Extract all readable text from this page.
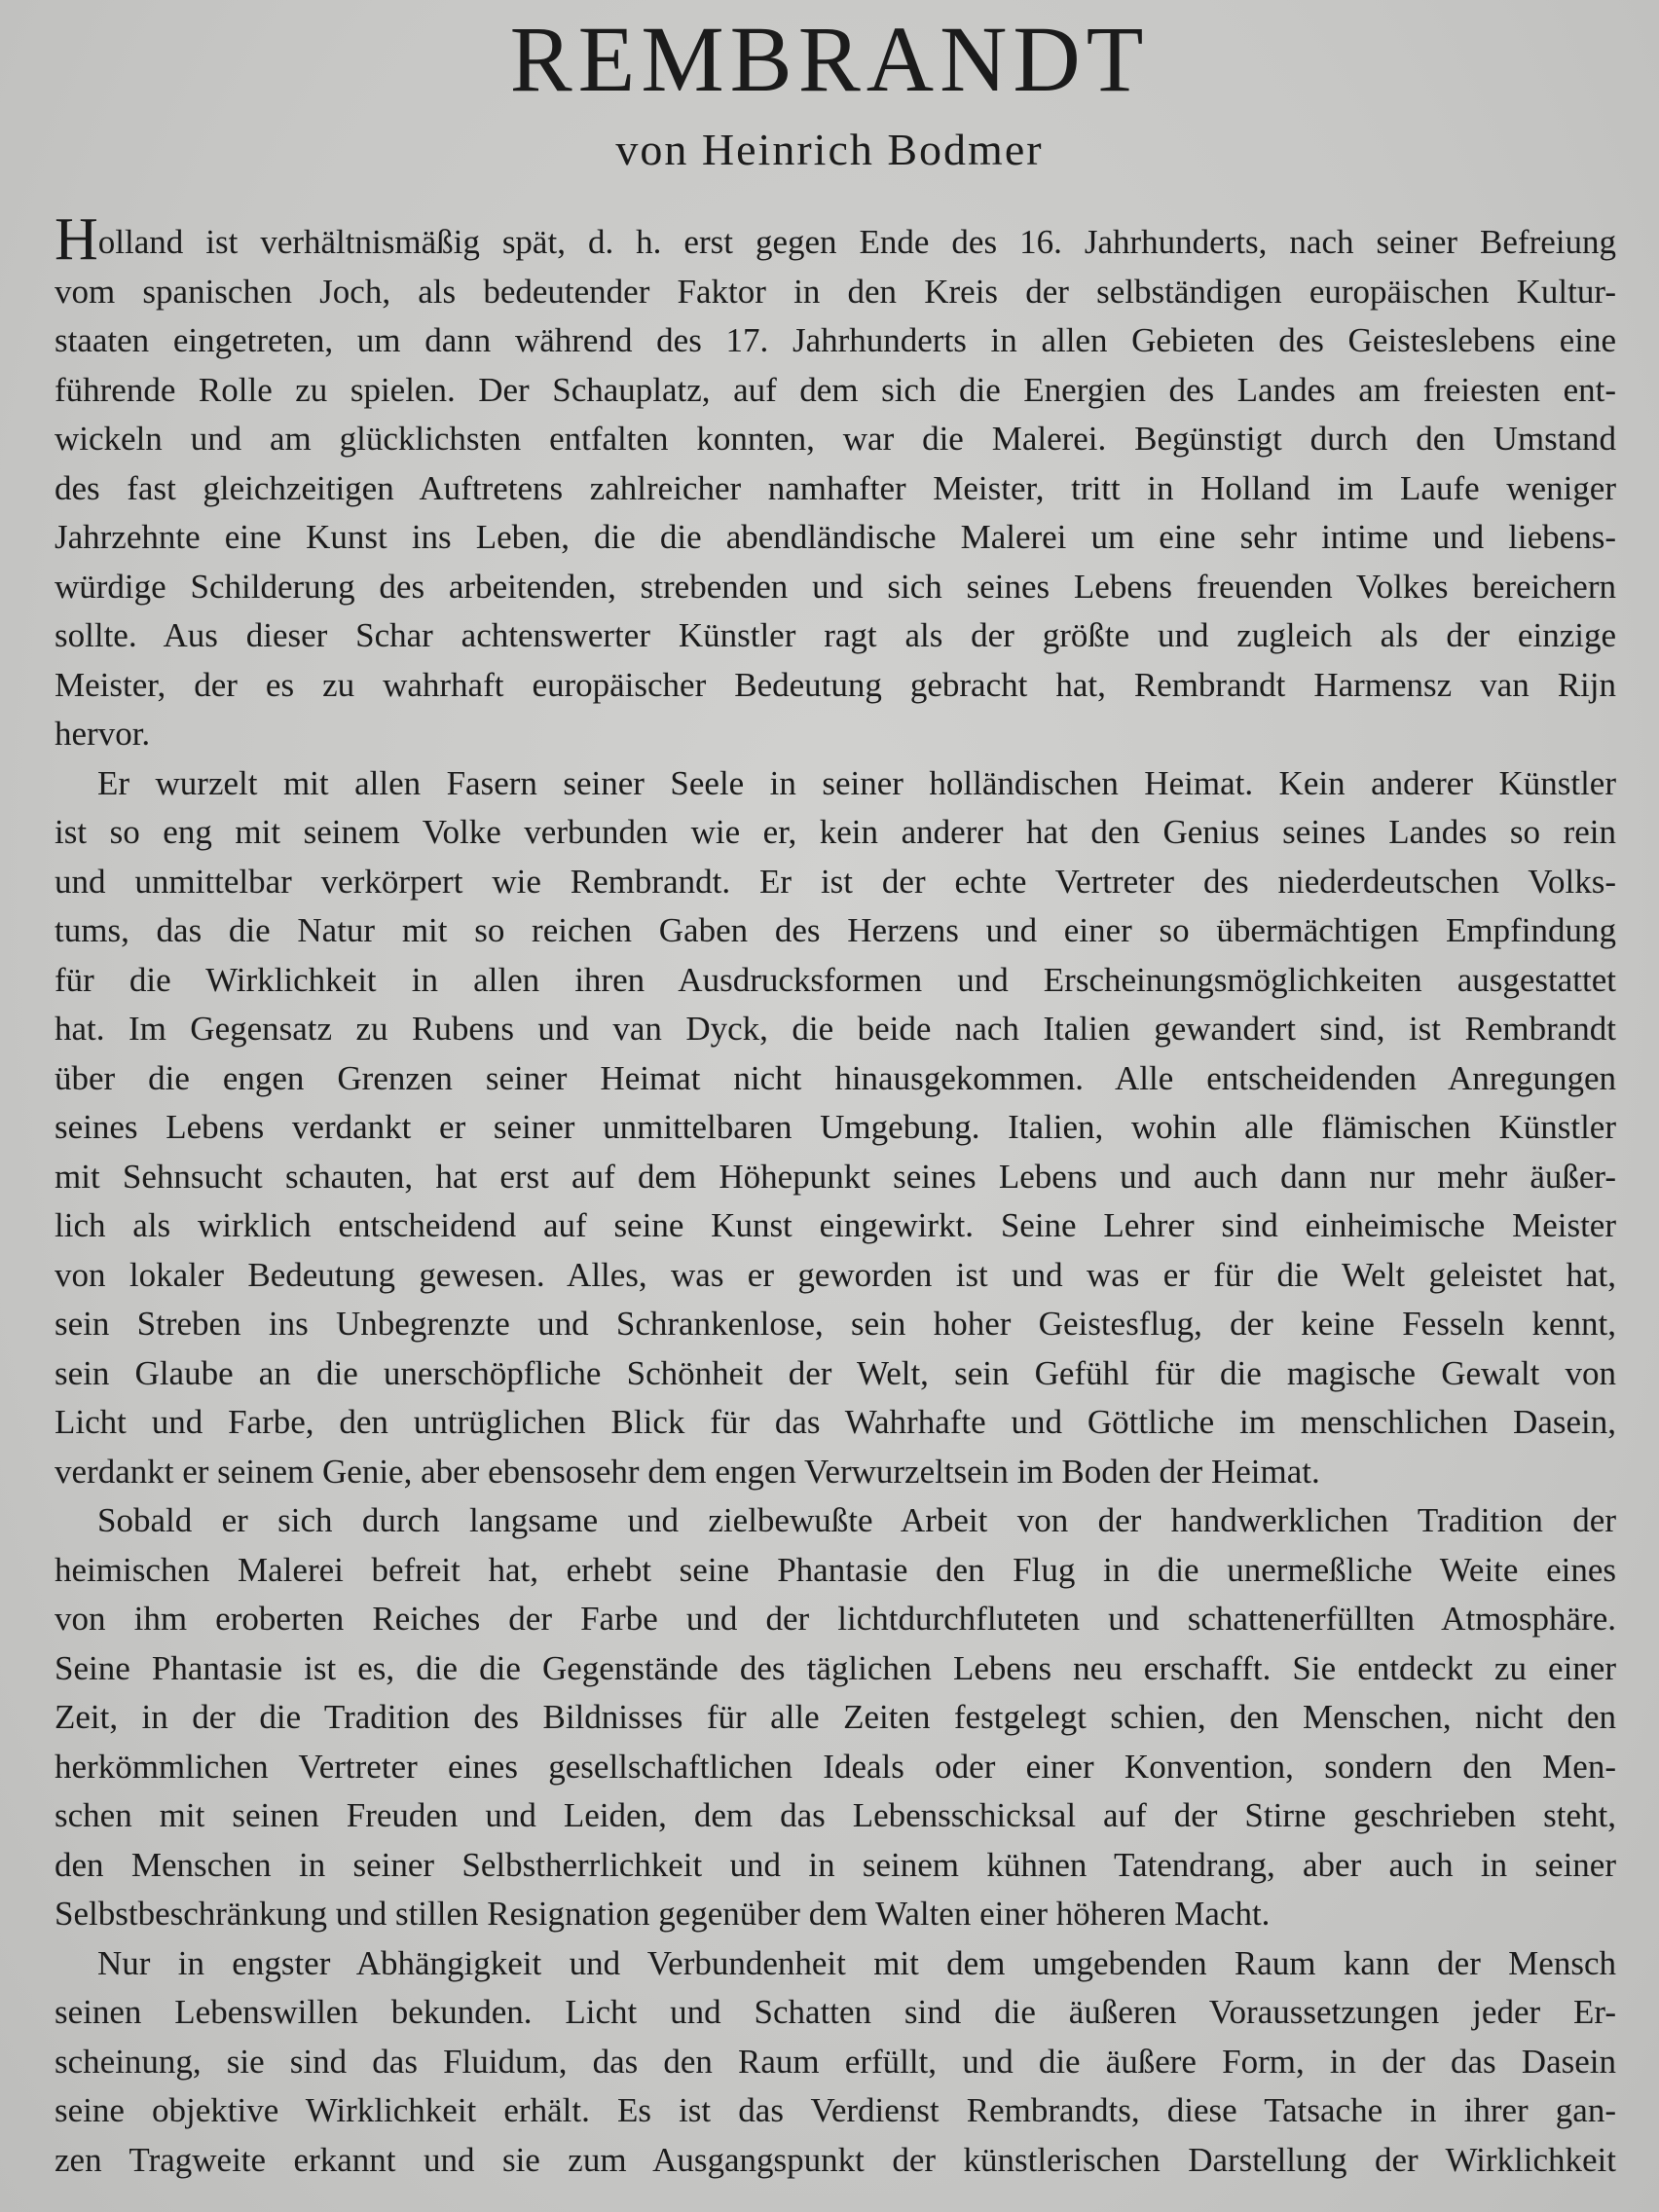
REMBRANDT
von Heinrich Bodmer
Holland ist verhältnismäßig spät, d. h. erst gegen Ende des 16. Jahrhunderts, nach seiner Befreiung
vom spanischen Joch, als bedeutender Faktor in den Kreis der selbständigen europäischen Kultur-
staaten eingetreten, um dann während des 17. Jahrhunderts in allen Gebieten des Geisteslebens eine
führende Rolle zu spielen. Der Schauplatz, auf dem sich die Energien des Landes am freiesten ent-
wickeln und am glücklichsten entfalten konnten, war die Malerei. Begünstigt durch den Umstand
des fast gleichzeitigen Auftretens zahlreicher namhafter Meister, tritt in Holland im Laufe weniger
Jahrzehnte eine Kunst ins Leben, die die abendländische Malerei um eine sehr intime und liebens-
würdige Schilderung des arbeitenden, strebenden und sich seines Lebens freuenden Volkes bereichern
sollte. Aus dieser Schar achtenswerter Künstler ragt als der größte und zugleich als der einzige
Meister, der es zu wahrhaft europäischer Bedeutung gebracht hat, Rembrandt Harmensz van Rijn
hervor.
Er wurzelt mit allen Fasern seiner Seele in seiner holländischen Heimat. Kein anderer Künstler
ist so eng mit seinem Volke verbunden wie er, kein anderer hat den Genius seines Landes so rein
und unmittelbar verkörpert wie Rembrandt. Er ist der echte Vertreter des niederdeutschen Volks-
tums, das die Natur mit so reichen Gaben des Herzens und einer so übermächtigen Empfindung
für die Wirklichkeit in allen ihren Ausdrucksformen und Erscheinungsmöglichkeiten ausgestattet
hat. Im Gegensatz zu Rubens und van Dyck, die beide nach Italien gewandert sind, ist Rembrandt
über die engen Grenzen seiner Heimat nicht hinausgekommen. Alle entscheidenden Anregungen
seines Lebens verdankt er seiner unmittelbaren Umgebung. Italien, wohin alle flämischen Künstler
mit Sehnsucht schauten, hat erst auf dem Höhepunkt seines Lebens und auch dann nur mehr äußer-
lich als wirklich entscheidend auf seine Kunst eingewirkt. Seine Lehrer sind einheimische Meister
von lokaler Bedeutung gewesen. Alles, was er geworden ist und was er für die Welt geleistet hat,
sein Streben ins Unbegrenzte und Schrankenlose, sein hoher Geistesflug, der keine Fesseln kennt,
sein Glaube an die unerschöpfliche Schönheit der Welt, sein Gefühl für die magische Gewalt von
Licht und Farbe, den untrüglichen Blick für das Wahrhafte und Göttliche im menschlichen Dasein,
verdankt er seinem Genie, aber ebensosehr dem engen Verwurzeltsein im Boden der Heimat.
Sobald er sich durch langsame und zielbewußte Arbeit von der handwerklichen Tradition der
heimischen Malerei befreit hat, erhebt seine Phantasie den Flug in die unermeßliche Weite eines
von ihm eroberten Reiches der Farbe und der lichtdurchfluteten und schattenerfüllten Atmosphäre.
Seine Phantasie ist es, die die Gegenstände des täglichen Lebens neu erschafft. Sie entdeckt zu einer
Zeit, in der die Tradition des Bildnisses für alle Zeiten festgelegt schien, den Menschen, nicht den
herkömmlichen Vertreter eines gesellschaftlichen Ideals oder einer Konvention, sondern den Men-
schen mit seinen Freuden und Leiden, dem das Lebensschicksal auf der Stirne geschrieben steht,
den Menschen in seiner Selbstherrlichkeit und in seinem kühnen Tatendrang, aber auch in seiner
Selbstbeschränkung und stillen Resignation gegenüber dem Walten einer höheren Macht.
Nur in engster Abhängigkeit und Verbundenheit mit dem umgebenden Raum kann der Mensch
seinen Lebenswillen bekunden. Licht und Schatten sind die äußeren Voraussetzungen jeder Er-
scheinung, sie sind das Fluidum, das den Raum erfüllt, und die äußere Form, in der das Dasein
seine objektive Wirklichkeit erhält. Es ist das Verdienst Rembrandts, diese Tatsache in ihrer gan-
zen Tragweite erkannt und sie zum Ausgangspunkt der künstlerischen Darstellung der Wirklichkeit
